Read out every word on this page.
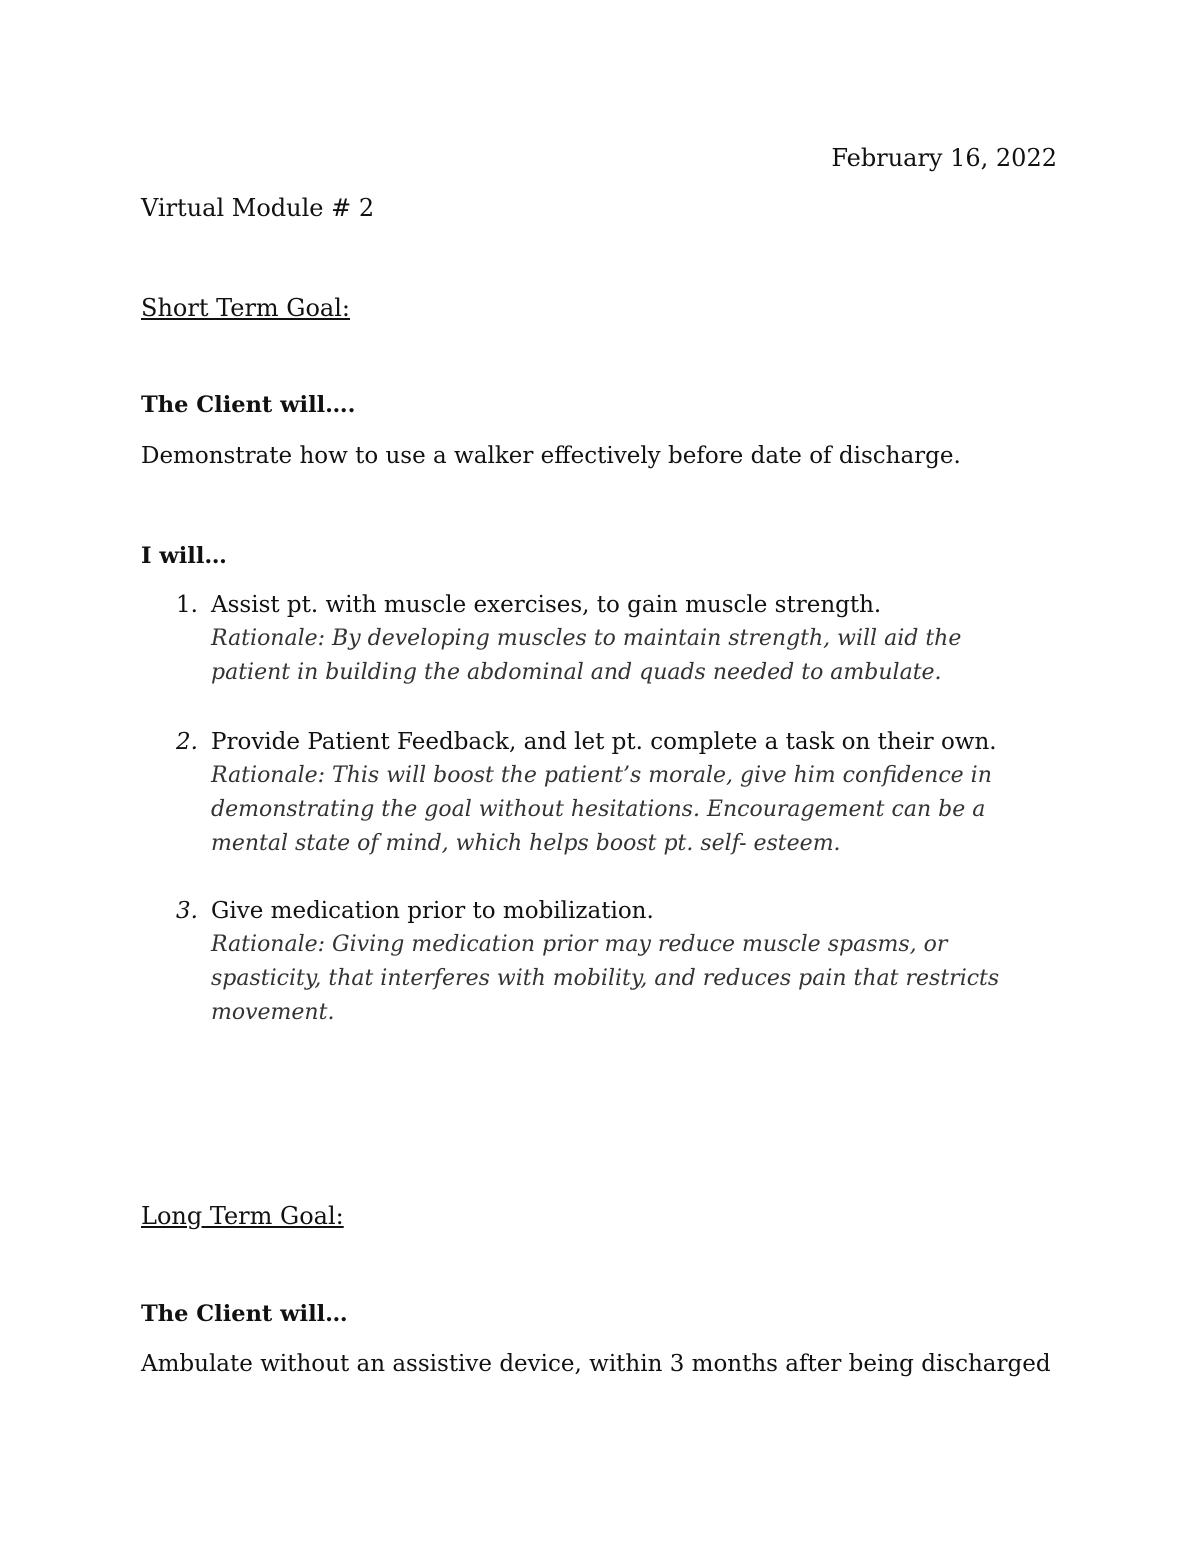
February 16, 2022
Virtual Module # 2
Short Term Goal:
The Client will….
Demonstrate how to use a walker effectively before date of discharge.
I will…
1. Assist pt. with muscle exercises, to gain muscle strength.
Rationale: By developing muscles to maintain strength, will aid the patient in building the abdominal and quads needed to ambulate.
2. Provide Patient Feedback, and let pt. complete a task on their own.
Rationale: This will boost the patient’s morale, give him confidence in demonstrating the goal without hesitations. Encouragement can be a mental state of mind, which helps boost pt. self- esteem.
3. Give medication prior to mobilization.
Rationale: Giving medication prior may reduce muscle spasms, or spasticity, that interferes with mobility, and reduces pain that restricts movement.
Long Term Goal:
The Client will…
Ambulate without an assistive device, within 3 months after being discharged
